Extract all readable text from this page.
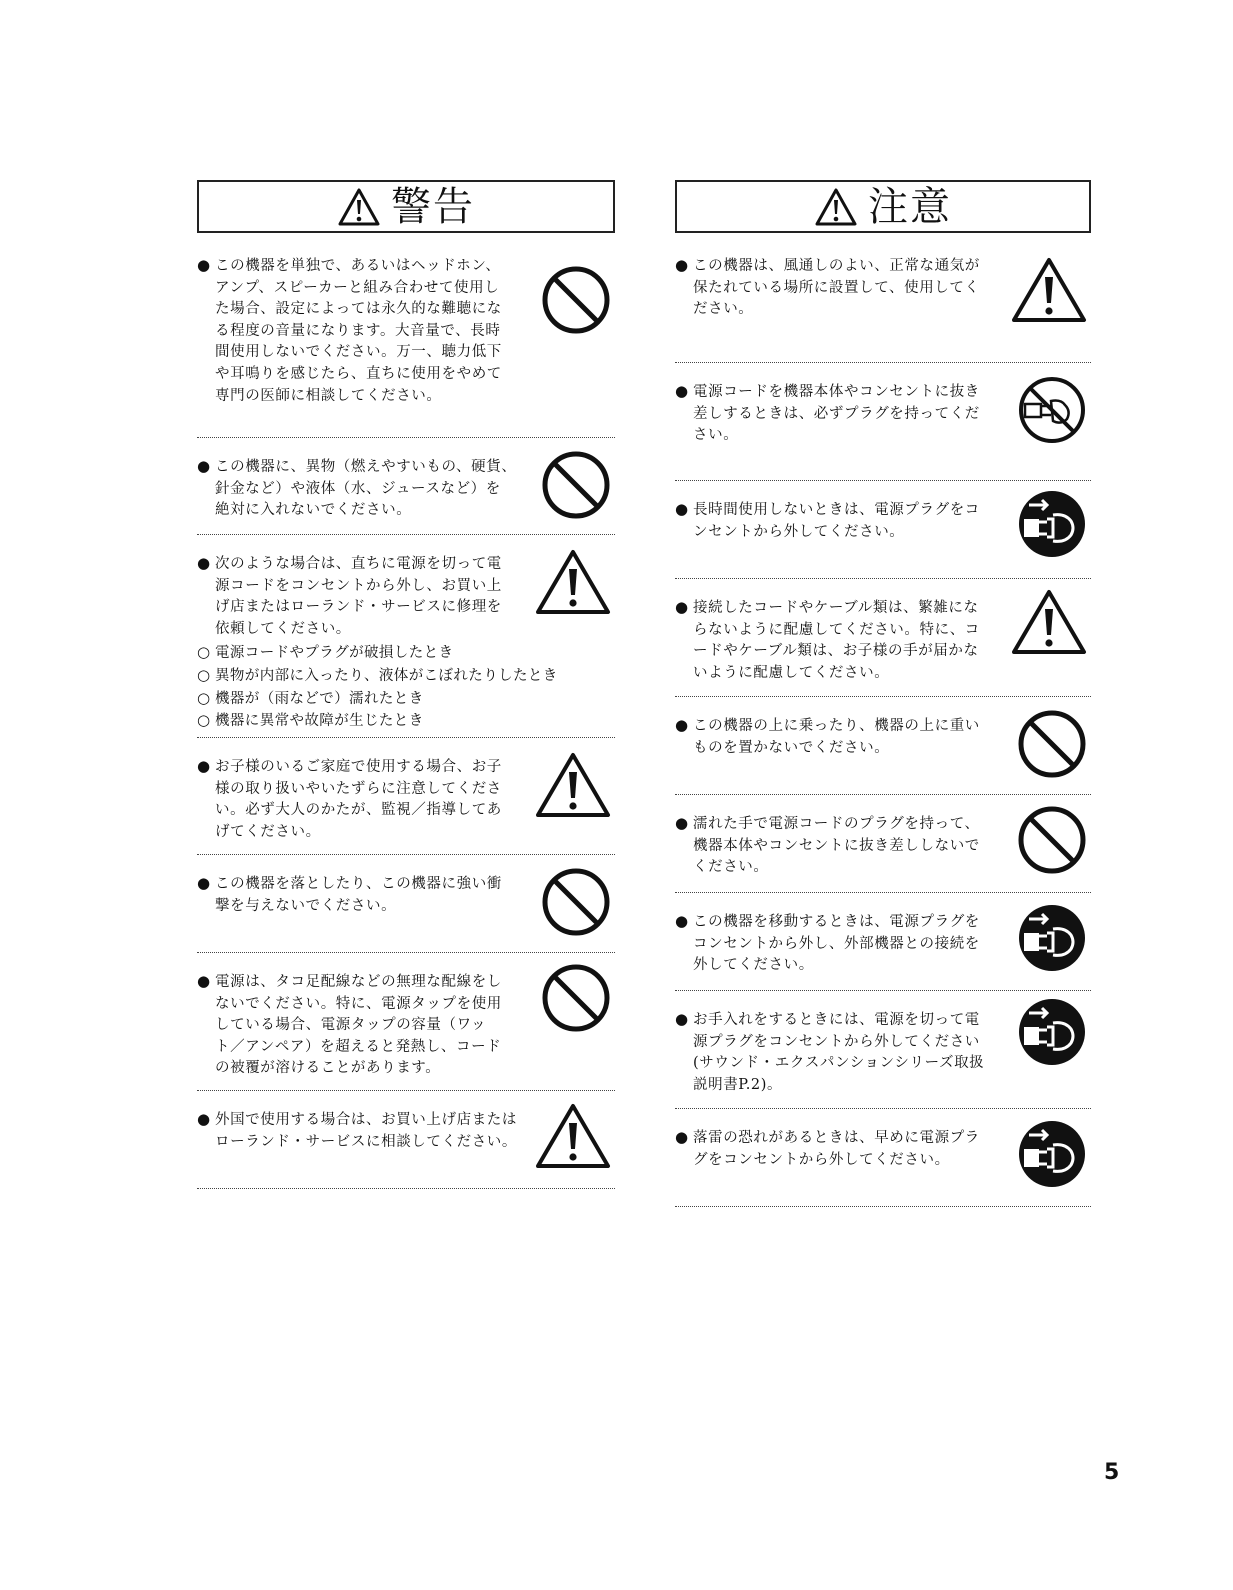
警告
● この機器を単独で、あるいはヘッドホン、
アンプ、スピーカーと組み合わせて使用し
た場合、設定によっては永久的な難聴にな
る程度の音量になります。大音量で、長時
間使用しないでください。万一、聴力低下
や耳鳴りを感じたら、直ちに使用をやめて
専門の医師に相談してください。
● この機器に、異物（燃えやすいもの、硬貨、
針金など）や液体（水、ジュースなど）を
絶対に入れないでください。
● 次のような場合は、直ちに電源を切って電
源コードをコンセントから外し、お買い上
げ店またはローランド・サービスに修理を
依頼してください。
○ 電源コードやプラグが破損したとき
○ 異物が内部に入ったり、液体がこぼれたりしたとき
○ 機器が（雨などで）濡れたとき
○ 機器に異常や故障が生じたとき
● お子様のいるご家庭で使用する場合、お子
様の取り扱いやいたずらに注意してくださ
い。必ず大人のかたが、監視／指導してあ
げてください。
● この機器を落としたり、この機器に強い衝
撃を与えないでください。
● 電源は、タコ足配線などの無理な配線をし
ないでください。特に、電源タップを使用
している場合、電源タップの容量（ワッ
ト／アンペア）を超えると発熱し、コード
の被覆が溶けることがあります。
● 外国で使用する場合は、お買い上げ店または
ローランド・サービスに相談してください。
注意
● この機器は、風通しのよい、正常な通気が
保たれている場所に設置して、使用してく
ださい。
● 電源コードを機器本体やコンセントに抜き
差しするときは、必ずプラグを持ってくだ
さい。
● 長時間使用しないときは、電源プラグをコ
ンセントから外してください。
● 接続したコードやケーブル類は、繁雑にな
らないように配慮してください。特に、コ
ードやケーブル類は、お子様の手が届かな
いように配慮してください。
● この機器の上に乗ったり、機器の上に重い
ものを置かないでください。
● 濡れた手で電源コードのプラグを持って、
機器本体やコンセントに抜き差ししないで
ください。
● この機器を移動するときは、電源プラグを
コンセントから外し、外部機器との接続を
外してください。
● お手入れをするときには、電源を切って電
源プラグをコンセントから外してください
(サウンド・エクスパンションシリーズ取扱
説明書P.2)。
● 落雷の恐れがあるときは、早めに電源プラ
グをコンセントから外してください。
5
